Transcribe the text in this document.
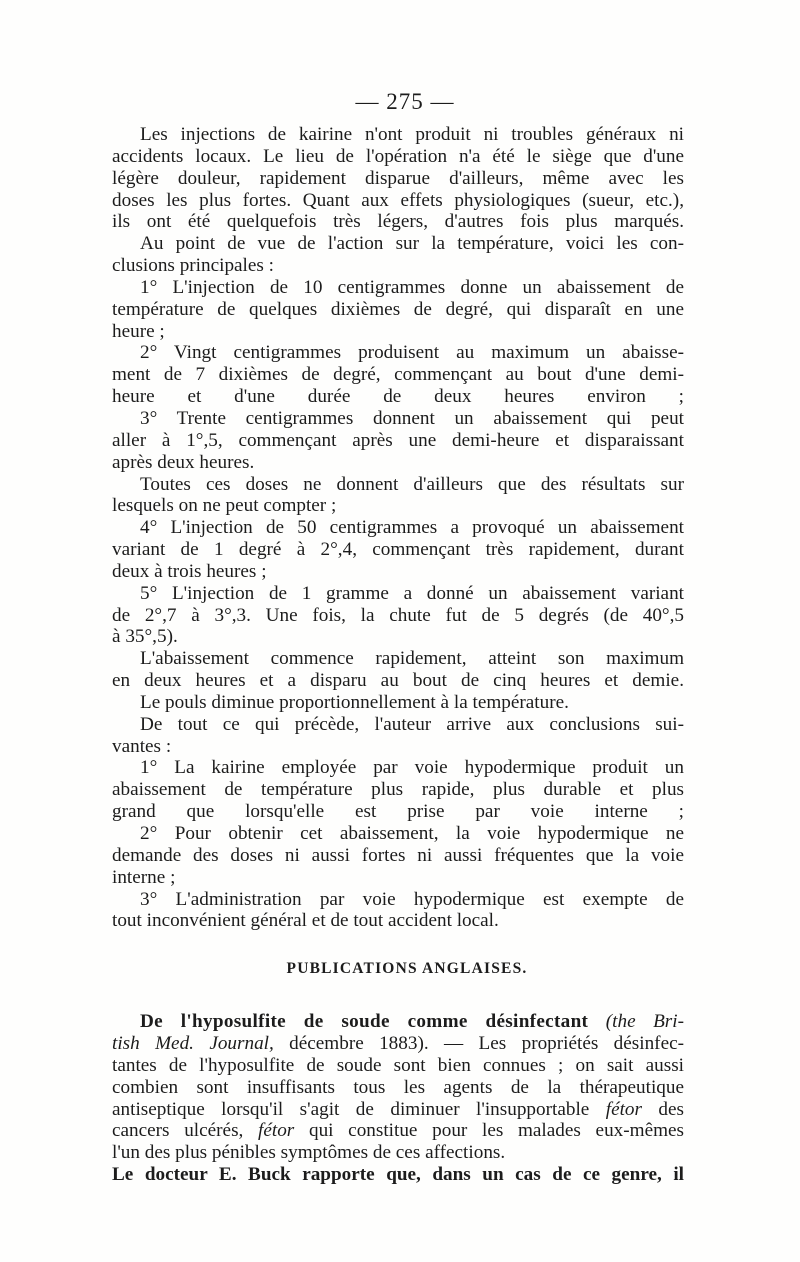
— 275 —
Les injections de kairine n'ont produit ni troubles généraux ni
accidents locaux. Le lieu de l'opération n'a été le siège que d'une
légère douleur, rapidement disparue d'ailleurs, même avec les
doses les plus fortes. Quant aux effets physiologiques (sueur, etc.),
ils ont été quelquefois très légers, d'autres fois plus marqués.
Au point de vue de l'action sur la température, voici les con-
clusions principales :
1° L'injection de 10 centigrammes donne un abaissement de
température de quelques dixièmes de degré, qui disparaît en une
heure ;
2° Vingt centigrammes produisent au maximum un abaisse-
ment de 7 dixièmes de degré, commençant au bout d'une demi-
heure et d'une durée de deux heures environ ;
3° Trente centigrammes donnent un abaissement qui peut
aller à 1°,5, commençant après une demi-heure et disparaissant
après deux heures.
Toutes ces doses ne donnent d'ailleurs que des résultats sur
lesquels on ne peut compter ;
4° L'injection de 50 centigrammes a provoqué un abaissement
variant de 1 degré à 2°,4, commençant très rapidement, durant
deux à trois heures ;
5° L'injection de 1 gramme a donné un abaissement variant
de 2°,7 à 3°,3. Une fois, la chute fut de 5 degrés (de 40°,5
à 35°,5).
L'abaissement commence rapidement, atteint son maximum
en deux heures et a disparu au bout de cinq heures et demie.
Le pouls diminue proportionnellement à la température.
De tout ce qui précède, l'auteur arrive aux conclusions sui-
vantes :
1° La kairine employée par voie hypodermique produit un
abaissement de température plus rapide, plus durable et plus
grand que lorsqu'elle est prise par voie interne ;
2° Pour obtenir cet abaissement, la voie hypodermique ne
demande des doses ni aussi fortes ni aussi fréquentes que la voie
interne ;
3° L'administration par voie hypodermique est exempte de
tout inconvénient général et de tout accident local.
PUBLICATIONS ANGLAISES.
De l'hyposulfite de soude comme désinfectant (the Bri-
tish Med. Journal, décembre 1883). — Les propriétés désinfec-
tantes de l'hyposulfite de soude sont bien connues ; on sait aussi
combien sont insuffisants tous les agents de la thérapeutique
antiseptique lorsqu'il s'agit de diminuer l'insupportable fétor des
cancers ulcérés, fétor qui constitue pour les malades eux-mêmes
l'un des plus pénibles symptômes de ces affections.
Le docteur E. Buck rapporte que, dans un cas de ce genre, il
